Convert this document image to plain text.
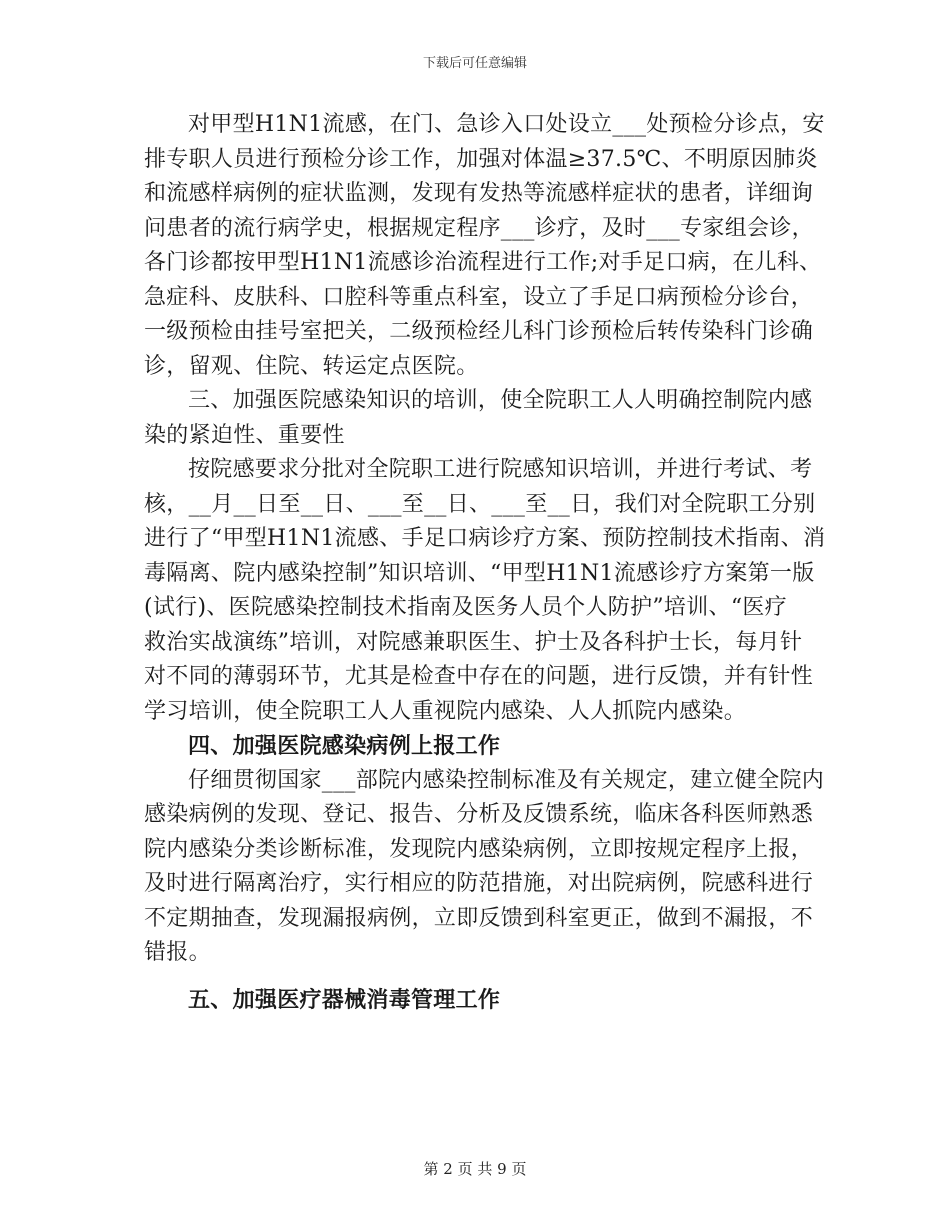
下载后可任意编辑
对甲型H1N1流感，在门、急诊入口处设立___处预检分诊点，安
排专职人员进行预检分诊工作，加强对体温≥37.5℃、不明原因肺炎
和流感样病例的症状监测，发现有发热等流感样症状的患者，详细询
问患者的流行病学史，根据规定程序___诊疗，及时___专家组会诊，
各门诊都按甲型H1N1流感诊治流程进行工作;对手足口病，在儿科、
急症科、皮肤科、口腔科等重点科室，设立了手足口病预检分诊台，
一级预检由挂号室把关，二级预检经儿科门诊预检后转传染科门诊确
诊，留观、住院、转运定点医院。
三、加强医院感染知识的培训，使全院职工人人明确控制院内感
染的紧迫性、重要性
按院感要求分批对全院职工进行院感知识培训，并进行考试、考
核，__月__日至__日、___至__日、___至__日，我们对全院职工分别
进行了“甲型H1N1流感、手足口病诊疗方案、预防控制技术指南、消
毒隔离、院内感染控制”知识培训、“甲型H1N1流感诊疗方案第一版
(试行)、医院感染控制技术指南及医务人员个人防护”培训、“医疗
救治实战演练”培训，对院感兼职医生、护士及各科护士长，每月针
对不同的薄弱环节，尤其是检查中存在的问题，进行反馈，并有针性
学习培训，使全院职工人人重视院内感染、人人抓院内感染。
四、加强医院感染病例上报工作
仔细贯彻国家___部院内感染控制标准及有关规定，建立健全院内
感染病例的发现、登记、报告、分析及反馈系统，临床各科医师熟悉
院内感染分类诊断标准，发现院内感染病例，立即按规定程序上报，
及时进行隔离治疗，实行相应的防范措施，对出院病例，院感科进行
不定期抽查，发现漏报病例，立即反馈到科室更正，做到不漏报，不
错报。
五、加强医疗器械消毒管理工作
第 2 页 共 9 页
